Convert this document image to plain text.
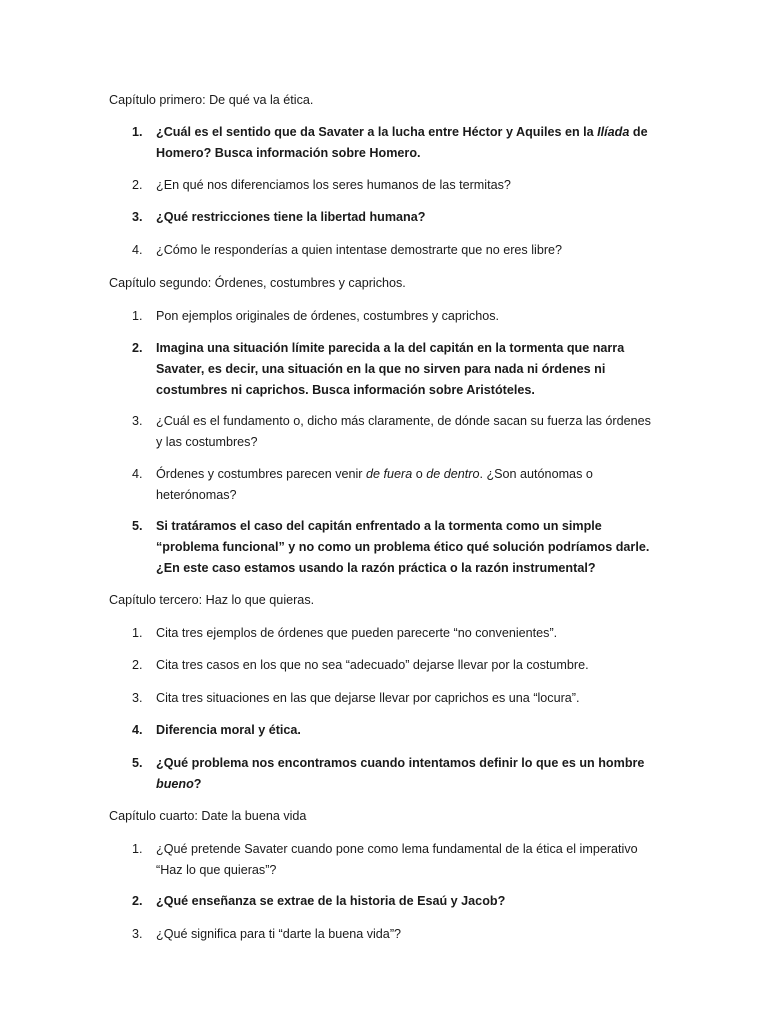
Capítulo primero: De qué va la ética.
1.	¿Cuál es el sentido que da Savater a la lucha entre Héctor y Aquiles en la Ilíada de Homero? Busca información sobre Homero.
2.	¿En qué nos diferenciamos los seres humanos de las termitas?
3.	¿Qué restricciones tiene la libertad humana?
4.	¿Cómo le responderías a quien intentase demostrarte que no eres libre?
Capítulo segundo: Órdenes, costumbres y caprichos.
1.	Pon ejemplos originales de órdenes, costumbres y caprichos.
2.	Imagina una situación límite parecida a la del capitán en la tormenta que narra Savater, es decir, una situación en la que no sirven para nada ni órdenes ni costumbres ni caprichos. Busca información sobre Aristóteles.
3.	¿Cuál es el fundamento o, dicho más claramente, de dónde sacan su fuerza las órdenes y las costumbres?
4.	Órdenes y costumbres parecen venir de fuera o de dentro. ¿Son autónomas o heterónomas?
5.	Si tratáramos el caso del capitán enfrentado a la tormenta como un simple “problema funcional” y no como un problema ético qué solución podríamos darle. ¿En este caso estamos usando la razón práctica o la razón instrumental?
Capítulo tercero: Haz lo que quieras.
1.	Cita tres ejemplos de órdenes que pueden parecerte “no convenientes”.
2.	Cita tres casos en los que no sea “adecuado” dejarse llevar por la costumbre.
3.	Cita tres situaciones en las que dejarse llevar por caprichos es una “locura”.
4.	Diferencia moral y ética.
5.	¿Qué problema nos encontramos cuando intentamos definir lo que es un hombre bueno?
Capítulo cuarto: Date la buena vida
1.	¿Qué pretende Savater cuando pone como lema fundamental de la ética el imperativo “Haz lo que quieras”?
2.	¿Qué enseñanza se extrae de la historia de Esaú y Jacob?
3.	¿Qué significa para ti “darte la buena vida”?
